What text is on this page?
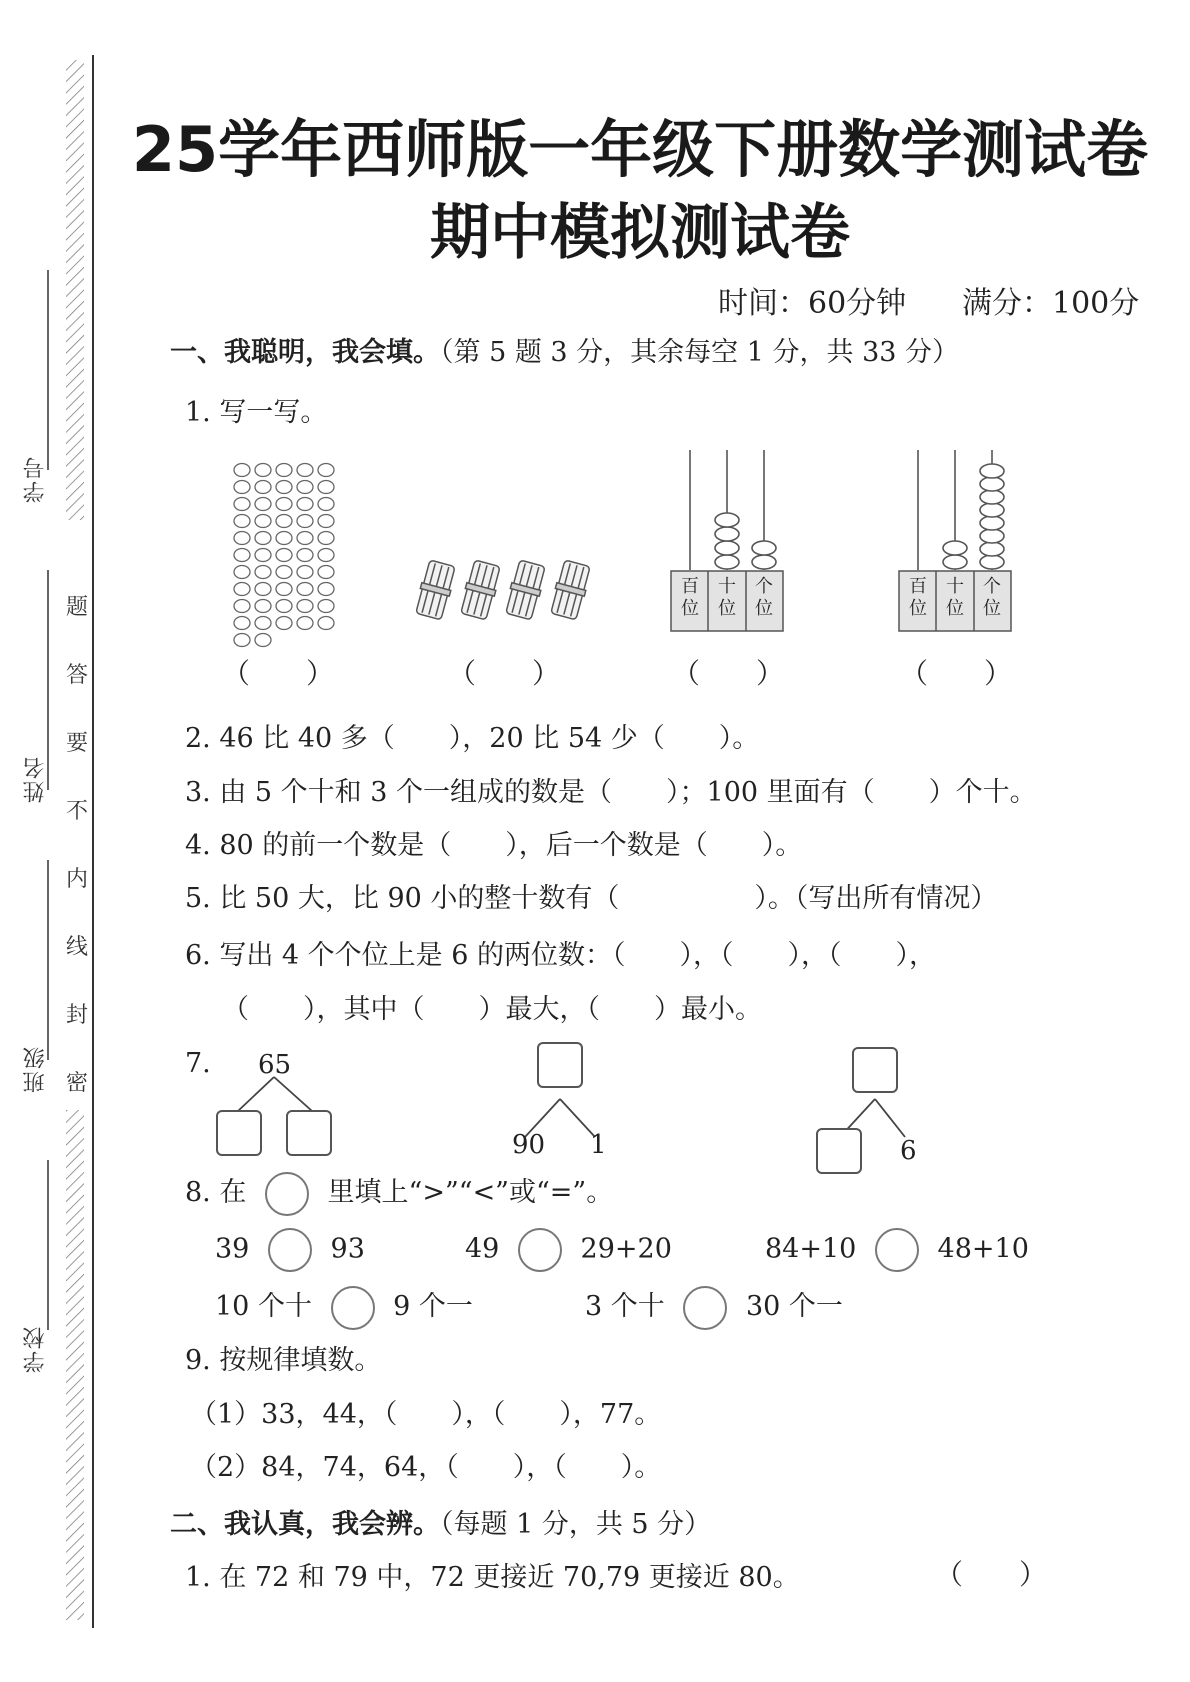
学号
姓名
班级
学校
题
答
要
不
内
线
封
密
25学年西师版一年级下册数学测试卷
期中模拟测试卷
时间：60分钟 满分：100分
一、我聪明，我会填。（第 5 题 3 分，其余每空 1 分，共 33 分）
1. 写一写。
百位
十位
个位
百位
十位
个位
（　　）	（　　）	（　　）	（　　）
2. 46 比 40 多（　　），20 比 54 少（　　）。
3. 由 5 个十和 3 个一组成的数是（　　）；100 里面有（　　）个十。
4. 80 的前一个数是（　　），后一个数是（　　）。
5. 比 50 大，比 90 小的整十数有（　　　　　）。（写出所有情况）
6. 写出 4 个个位上是 6 的两位数：（　　），（　　），（　　），
（　　），其中（　　）最大，（　　）最小。
7. 65
90 1	6
8. 在	里填上“>”“<”或“=”。
39	93	49	29+20	84+10	48+10
10 个十	9 个一	3 个十	30 个一
9. 按规律填数。
（1）33，44，（　　），（　　），77。
（2）84，74，64，（　　），（　　）。
二、我认真，我会辨。（每题 1 分，共 5 分）
1. 在 72 和 79 中，72 更接近 70,79 更接近 80。	（　　）
